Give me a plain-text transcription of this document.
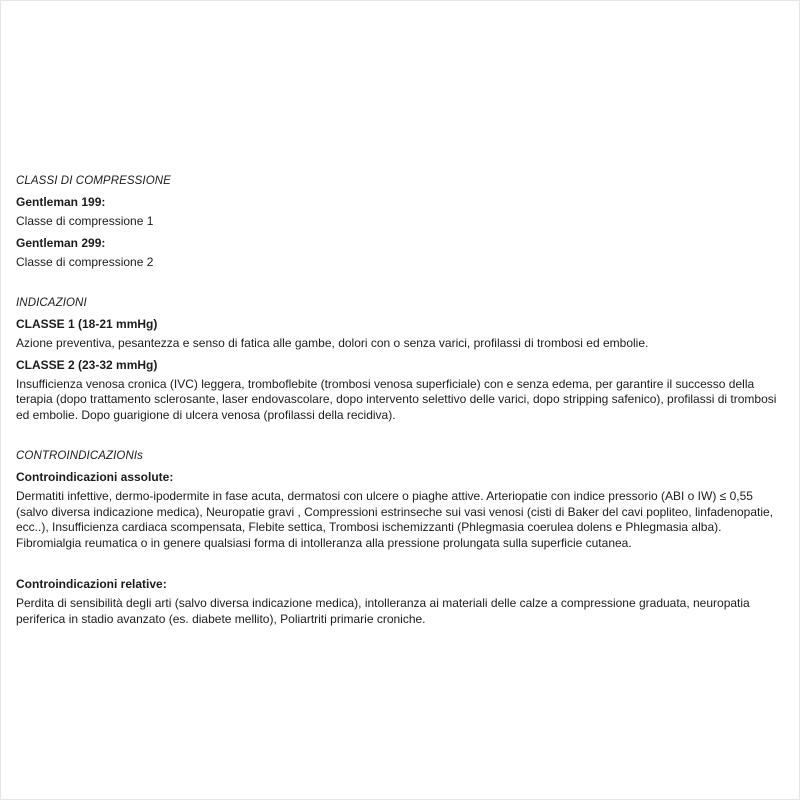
CLASSI DI COMPRESSIONE
Gentleman 199:

Classe di compressione 1

Gentleman 299:

Classe di compressione 2

INDICAZIONI
CLASSE 1 (18-21 mmHg)

Azione preventiva, pesantezza e senso di fatica alle gambe, dolori con o senza varici, profilassi di trombosi ed embolie.

CLASSE 2 (23-32 mmHg)

Insufficienza venosa cronica (IVC) leggera, tromboflebite (trombosi venosa superficiale) con e senza edema, per garantire il successo della terapia (dopo trattamento sclerosante, laser endovascolare, dopo intervento selettivo delle varici, dopo stripping safenico), profilassi di trombosi ed embolie. Dopo guarigione di ulcera venosa (profilassi della recidiva).

CONTROINDICAZIONIs
Controindicazioni assolute:

Dermatiti infettive, dermo-ipodermite in fase acuta, dermatosi con ulcere o piaghe attive. Arteriopatie con indice pressorio (ABI o IW) ≤ 0,55 (salvo diversa indicazione medica), Neuropatie gravi , Compressioni estrinseche sui vasi venosi (cisti di Baker del cavi popliteo, linfadenopatie, ecc..), Insufficienza cardiaca scompensata, Flebite settica, Trombosi ischemizzanti (Phlegmasia coerulea dolens e Phlegmasia alba). Fibromialgia reumatica o in genere qualsiasi forma di intolleranza alla pressione prolungata sulla superficie cutanea.

Controindicazioni relative:

Perdita di sensibilità degli arti (salvo diversa indicazione medica), intolleranza ai materiali delle calze a compressione graduata, neuropatia periferica in stadio avanzato (es. diabete mellito), Poliartriti primarie croniche.
